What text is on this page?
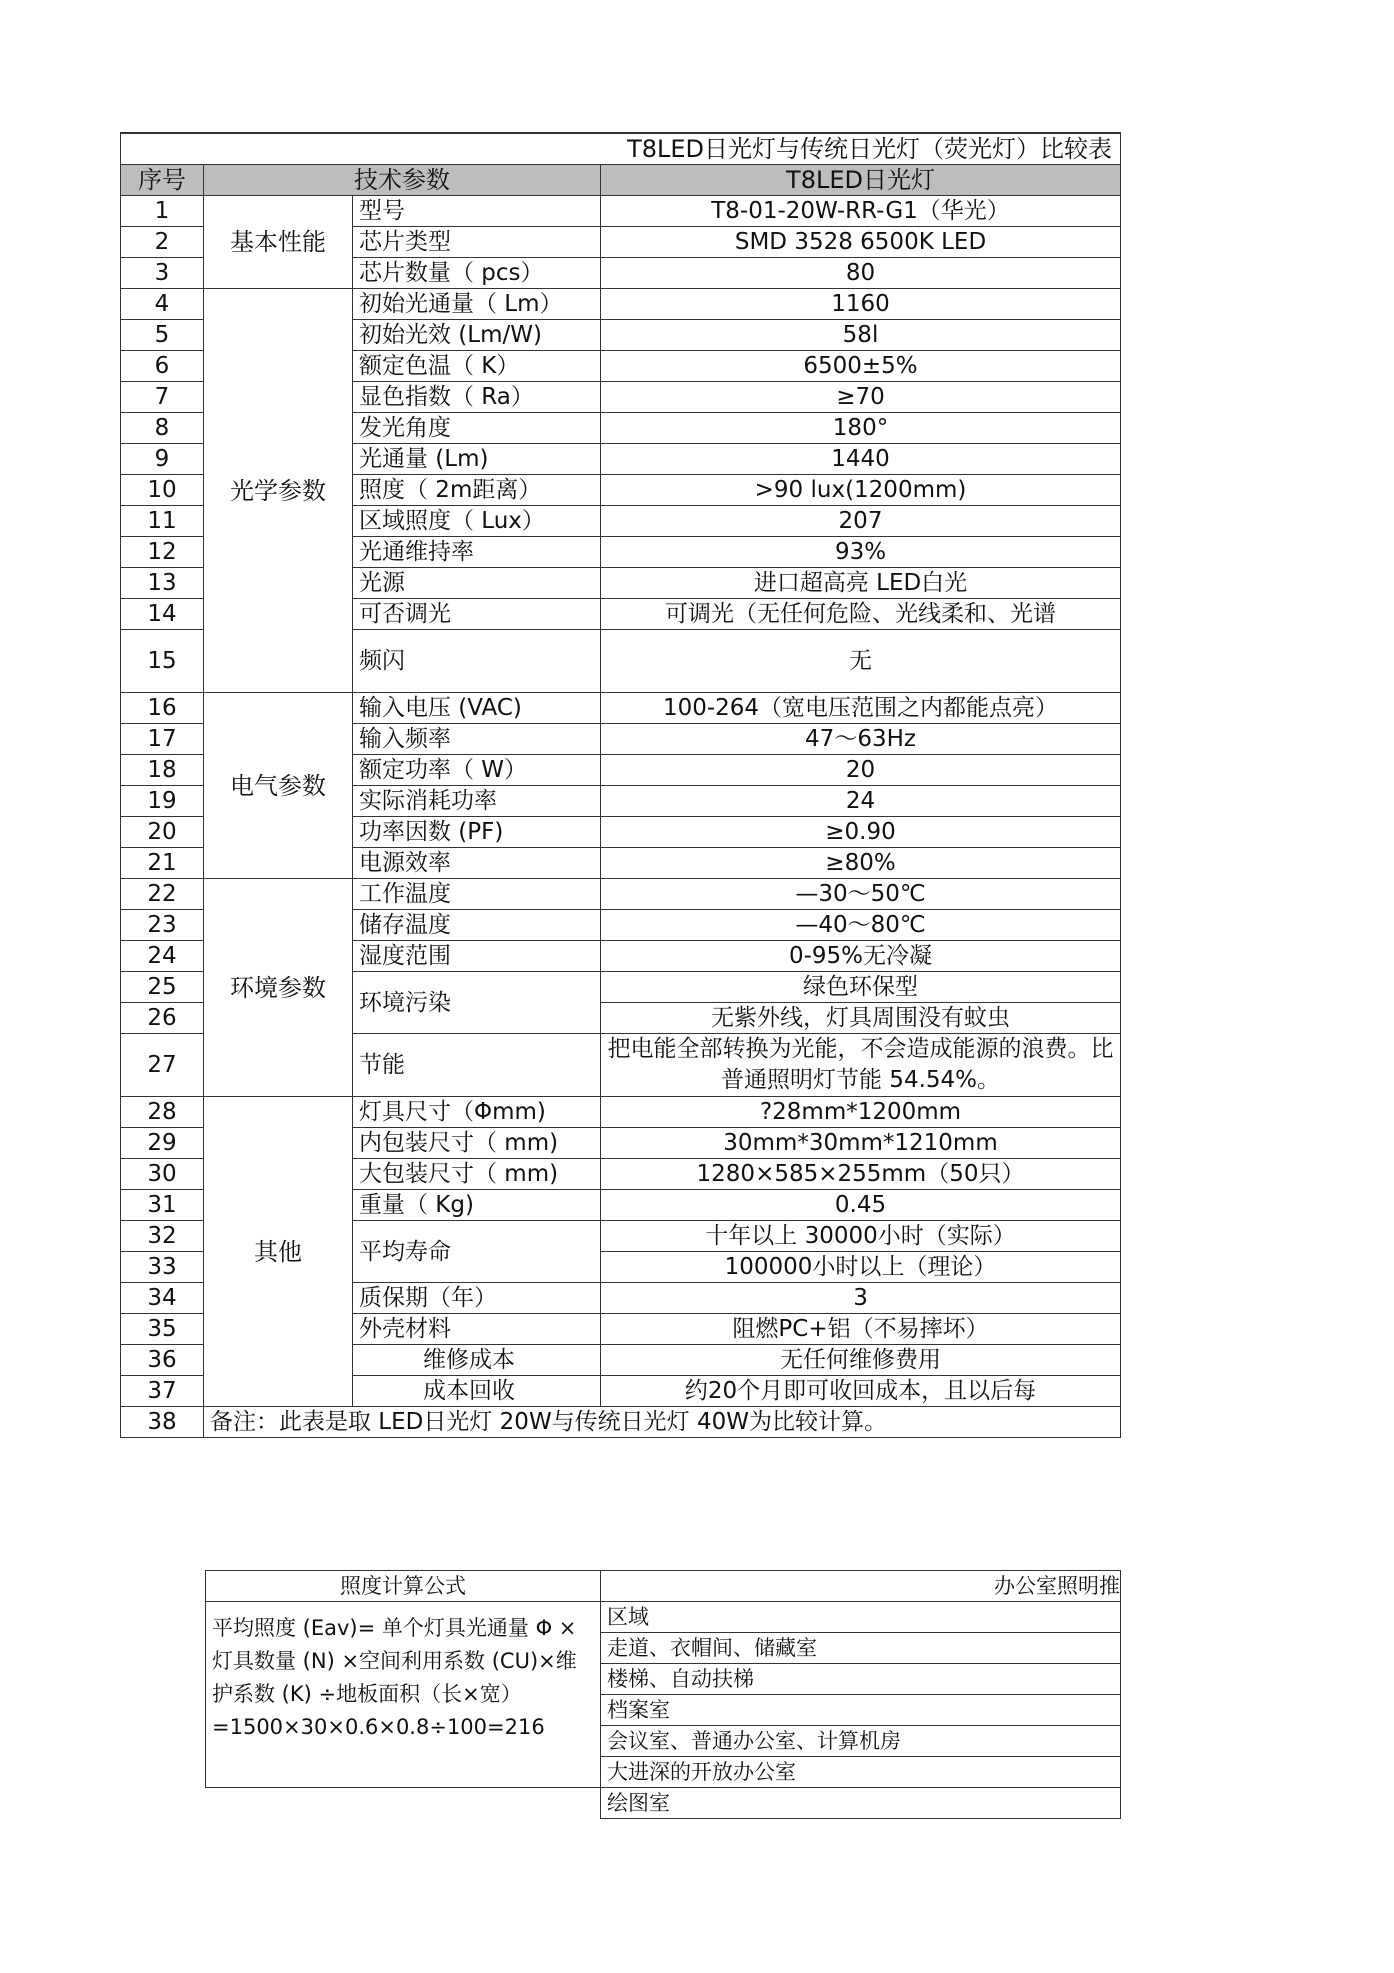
T8LED日光灯与传统日光灯（荧光灯）比较表			
序号	技术参数		T8LED日光灯
1	基本性能	型号	T8-01-20W-RR-G1（华光）
2		芯片类型	SMD 3528 6500K LED
3		芯片数量（ pcs）	80
4	光学参数	初始光通量（ Lm）	1160
5		初始光效 (Lm/W)	58l
6		额定色温（ K）	6500±5%
7		显色指数（ Ra）	≥70
8		发光角度	180°
9		光通量 (Lm)	1440
10		照度（ 2m距离）	>90 lux(1200mm)
11		区域照度（ Lux）	207
12		光通维持率	93%
13		光源	进口超高亮 LED白光
14		可否调光	可调光（无任何危险、光线柔和、光谱
15		频闪	无
16	电气参数	输入电压 (VAC)	100-264（宽电压范围之内都能点亮）
17		输入频率	47～63Hz
18		额定功率（ W）	20
19		实际消耗功率	24
20		功率因数 (PF)	≥0.90
21		电源效率	≥80%
22	环境参数	工作温度	—30～50℃
23		储存温度	—40～80℃
24		湿度范围	0-95%无冷凝
25		环境污染	绿色环保型
26			无紫外线，灯具周围没有蚊虫
27		节能	把电能全部转换为光能，不会造成能源的浪费。比普通照明灯节能 54.54%。
28	其他	灯具尺寸（Φmm)	?28mm*1200mm
29		内包装尺寸（ mm)	30mm*30mm*1210mm
30		大包装尺寸（ mm)	1280×585×255mm（50只）
31		重量（ Kg)	0.45
32		平均寿命	十年以上 30000小时（实际）
33			100000小时以上（理论）
34		质保期（年）	3
35		外壳材料	阻燃PC+铝（不易摔坏）
36		维修成本	无任何维修费用
37		成本回收	约20个月即可收回成本，且以后每
38	备注：此表是取 LED日光灯 20W与传统日光灯 40W为比较计算。		
照度计算公式	办公室照明推
平均照度 (Eav)= 单个灯具光通量 Φ ×灯具数量 (N) ×空间利用系数 (CU)×维护系数 (K) ÷地板面积（长×宽）=1500×30×0.6×0.8÷100=216	区域
	走道、衣帽间、储藏室
	楼梯、自动扶梯
	档案室
	会议室、普通办公室、计算机房
	大进深的开放办公室
	绘图室
